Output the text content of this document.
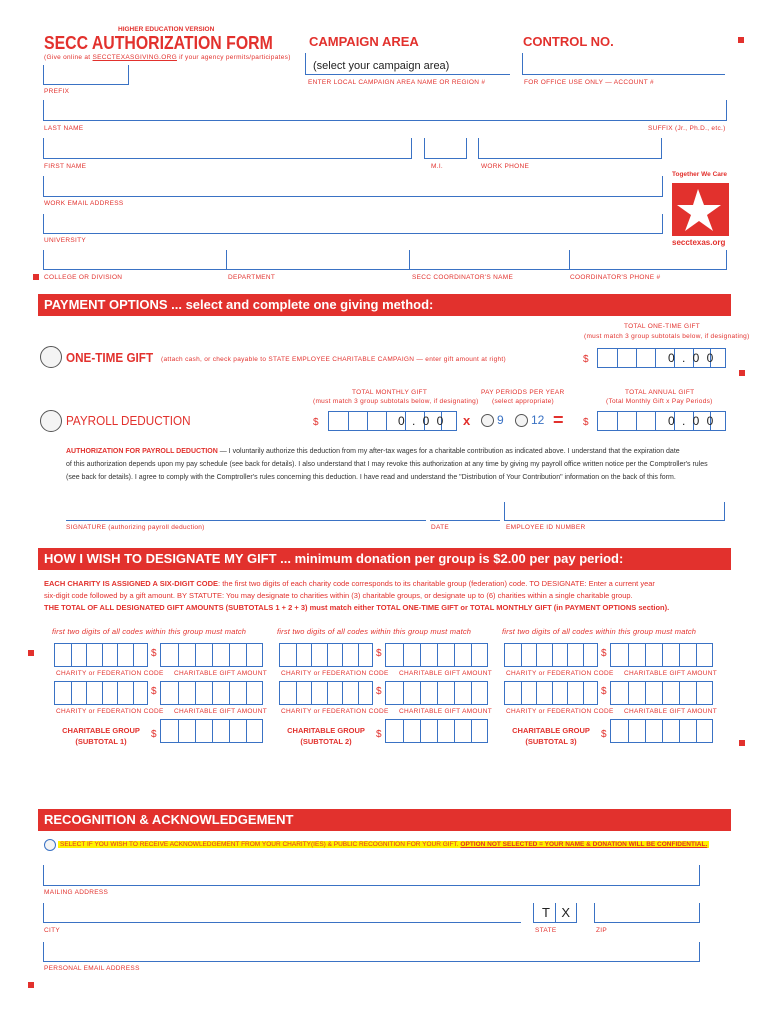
HIGHER EDUCATION VERSION
SECC AUTHORIZATION FORM
(Give online at SECCTEXASGIVING.ORG if your agency permits/participates)
CAMPAIGN AREA	CONTROL NO.
(select your campaign area)
ENTER LOCAL CAMPAIGN AREA NAME OR REGION #	FOR OFFICE USE ONLY — ACCOUNT #
PREFIX
LAST NAME	SUFFIX (Jr., Ph.D., etc.)
FIRST NAME	M.I.	WORK PHONE
Together We Care
secctexas.org
WORK EMAIL ADDRESS
UNIVERSITY
COLLEGE OR DIVISION	DEPARTMENT	SECC COORDINATOR'S NAME	COORDINATOR'S PHONE #
PAYMENT OPTIONS ... select and complete one giving method:
TOTAL ONE-TIME GIFT
(must match 3 group subtotals below, if designating)
ONE-TIME GIFT (attach cash, or check payable to STATE EMPLOYEE CHARITABLE CAMPAIGN — enter gift amount at right)	$	0 . 0 0
TOTAL MONTHLY GIFT
(must match 3 group subtotals below, if designating)
PAY PERIODS PER YEAR
(select appropriate)
TOTAL ANNUAL GIFT
(Total Monthly Gift x Pay Periods)
PAYROLL DEDUCTION	$	0 . 0 0 x 9 12 = $	0 . 0 0
AUTHORIZATION FOR PAYROLL DEDUCTION — I voluntarily authorize this deduction from my after-tax wages for a charitable contribution as indicated above. I understand that the expiration date
of this authorization depends upon my pay schedule (see back for details). I also understand that I may revoke this authorization at any time by giving my payroll office written notice per the Comptroller's rules
(see back for details). I agree to comply with the Comptroller's rules concerning this deduction. I have read and understand the "Distribution of Your Contribution" information on the back of this form.
SIGNATURE (authorizing payroll deduction)	DATE	EMPLOYEE ID NUMBER
HOW I WISH TO DESIGNATE MY GIFT ... minimum donation per group is $2.00 per pay period:
EACH CHARITY IS ASSIGNED A SIX-DIGIT CODE: the first two digits of each charity code corresponds to its charitable group (federation) code. TO DESIGNATE: Enter a current year
six-digit code followed by a gift amount. BY STATUTE: You may designate to charities within (3) charitable groups, or designate up to (6) charities within a single charitable group.
THE TOTAL OF ALL DESIGNATED GIFT AMOUNTS (SUBTOTALS 1 + 2 + 3) must match either TOTAL ONE-TIME GIFT or TOTAL MONTHLY GIFT (in PAYMENT OPTIONS section).
first two digits of all codes within this group must match
$
CHARITY or FEDERATION CODE CHARITABLE GIFT AMOUNT
$
CHARITY or FEDERATION CODE CHARITABLE GIFT AMOUNT
CHARITABLE GROUP
(SUBTOTAL 1)
$
first two digits of all codes within this group must match
$
CHARITY or FEDERATION CODE CHARITABLE GIFT AMOUNT
$
CHARITY or FEDERATION CODE CHARITABLE GIFT AMOUNT
CHARITABLE GROUP
(SUBTOTAL 2)
$
first two digits of all codes within this group must match
$
CHARITY or FEDERATION CODE CHARITABLE GIFT AMOUNT
$
CHARITY or FEDERATION CODE CHARITABLE GIFT AMOUNT
CHARITABLE GROUP
(SUBTOTAL 3)
$
RECOGNITION & ACKNOWLEDGEMENT
SELECT IF YOU WISH TO RECEIVE ACKNOWLEDGEMENT FROM YOUR CHARITY(IES) & PUBLIC RECOGNITION FOR YOUR GIFT. OPTION NOT SELECTED = YOUR NAME & DONATION WILL BE CONFIDENTIAL.
MAILING ADDRESS
T X
CITY	STATE	ZIP
PERSONAL EMAIL ADDRESS
